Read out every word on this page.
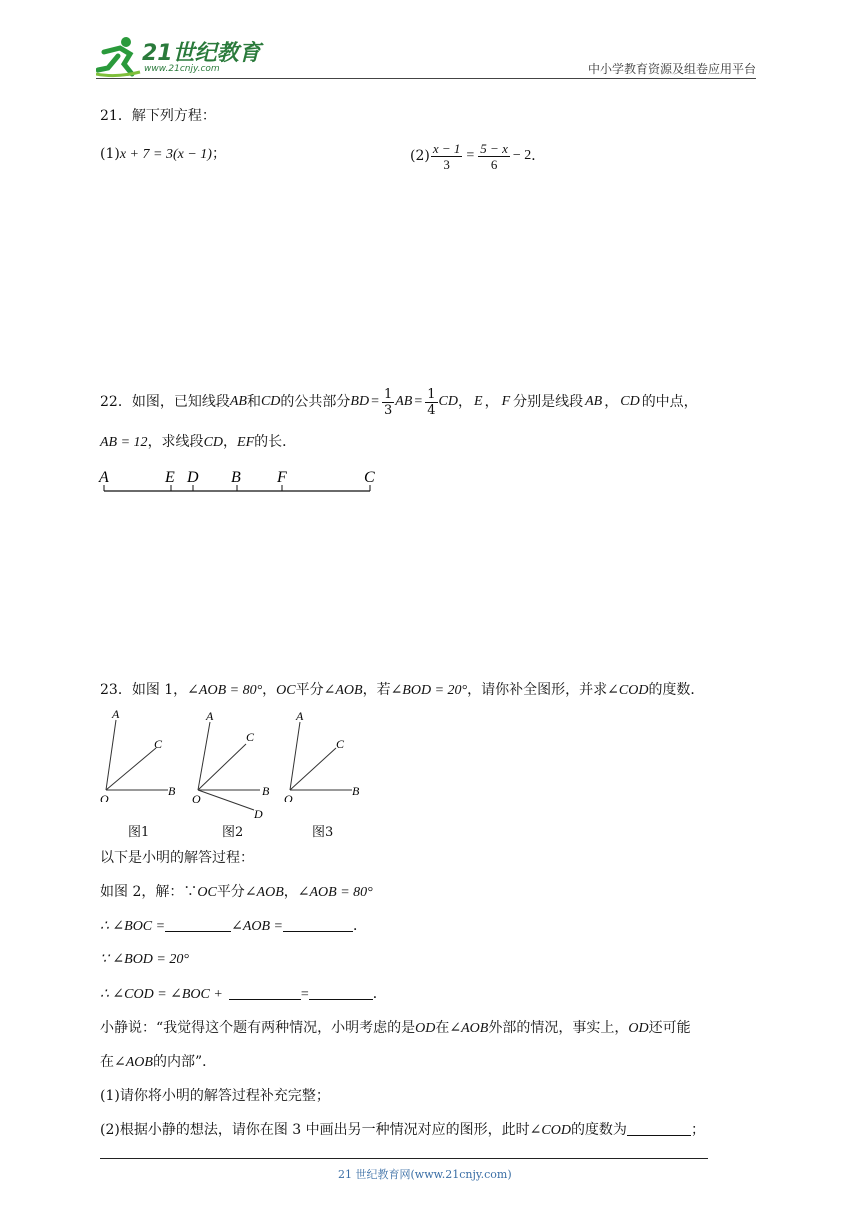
21世纪教育
www.21cnjy.com	中小学教育资源及组卷应用平台
21．解下列方程：
(1)x + 7 = 3(x − 1)；	$(2) \frac{x - 1}{3} = \frac{5 - x}{6} - 2$ ．
22．如图，已知线段 AB 和 CD 的公共部分 BD = $\frac{1}{3}$ AB = $\frac{1}{4}$ CD ， E ， F 分别是线段 AB ， CD 的中点，
AB = 12，求线段CD，EF的长．
A	E D B F	C
23．如图 1，∠AOB = 80°，OC平分∠AOB，若∠BOD = 20°，请你补全图形，并求∠COD的度数．
A
C
B
O
A
C
B
D
O
A
C
B
O
图1	图2	图3
以下是小明的解答过程：
如图 2，解：∵OC平分∠AOB，∠AOB = 80°
∴ ∠BOC =	∠AOB =	．
∵ ∠BOD = 20°
∴ ∠COD = ∠BOC +	=	．
小静说：“我觉得这个题有两种情况，小明考虑的是OD在∠AOB外部的情况，事实上，OD还可能
在∠AOB的内部”．
(1)请你将小明的解答过程补充完整；
(2)根据小静的想法，请你在图 3 中画出另一种情况对应的图形，此时∠COD的度数为	；
21 世纪教育网(www.21cnjy.com)
